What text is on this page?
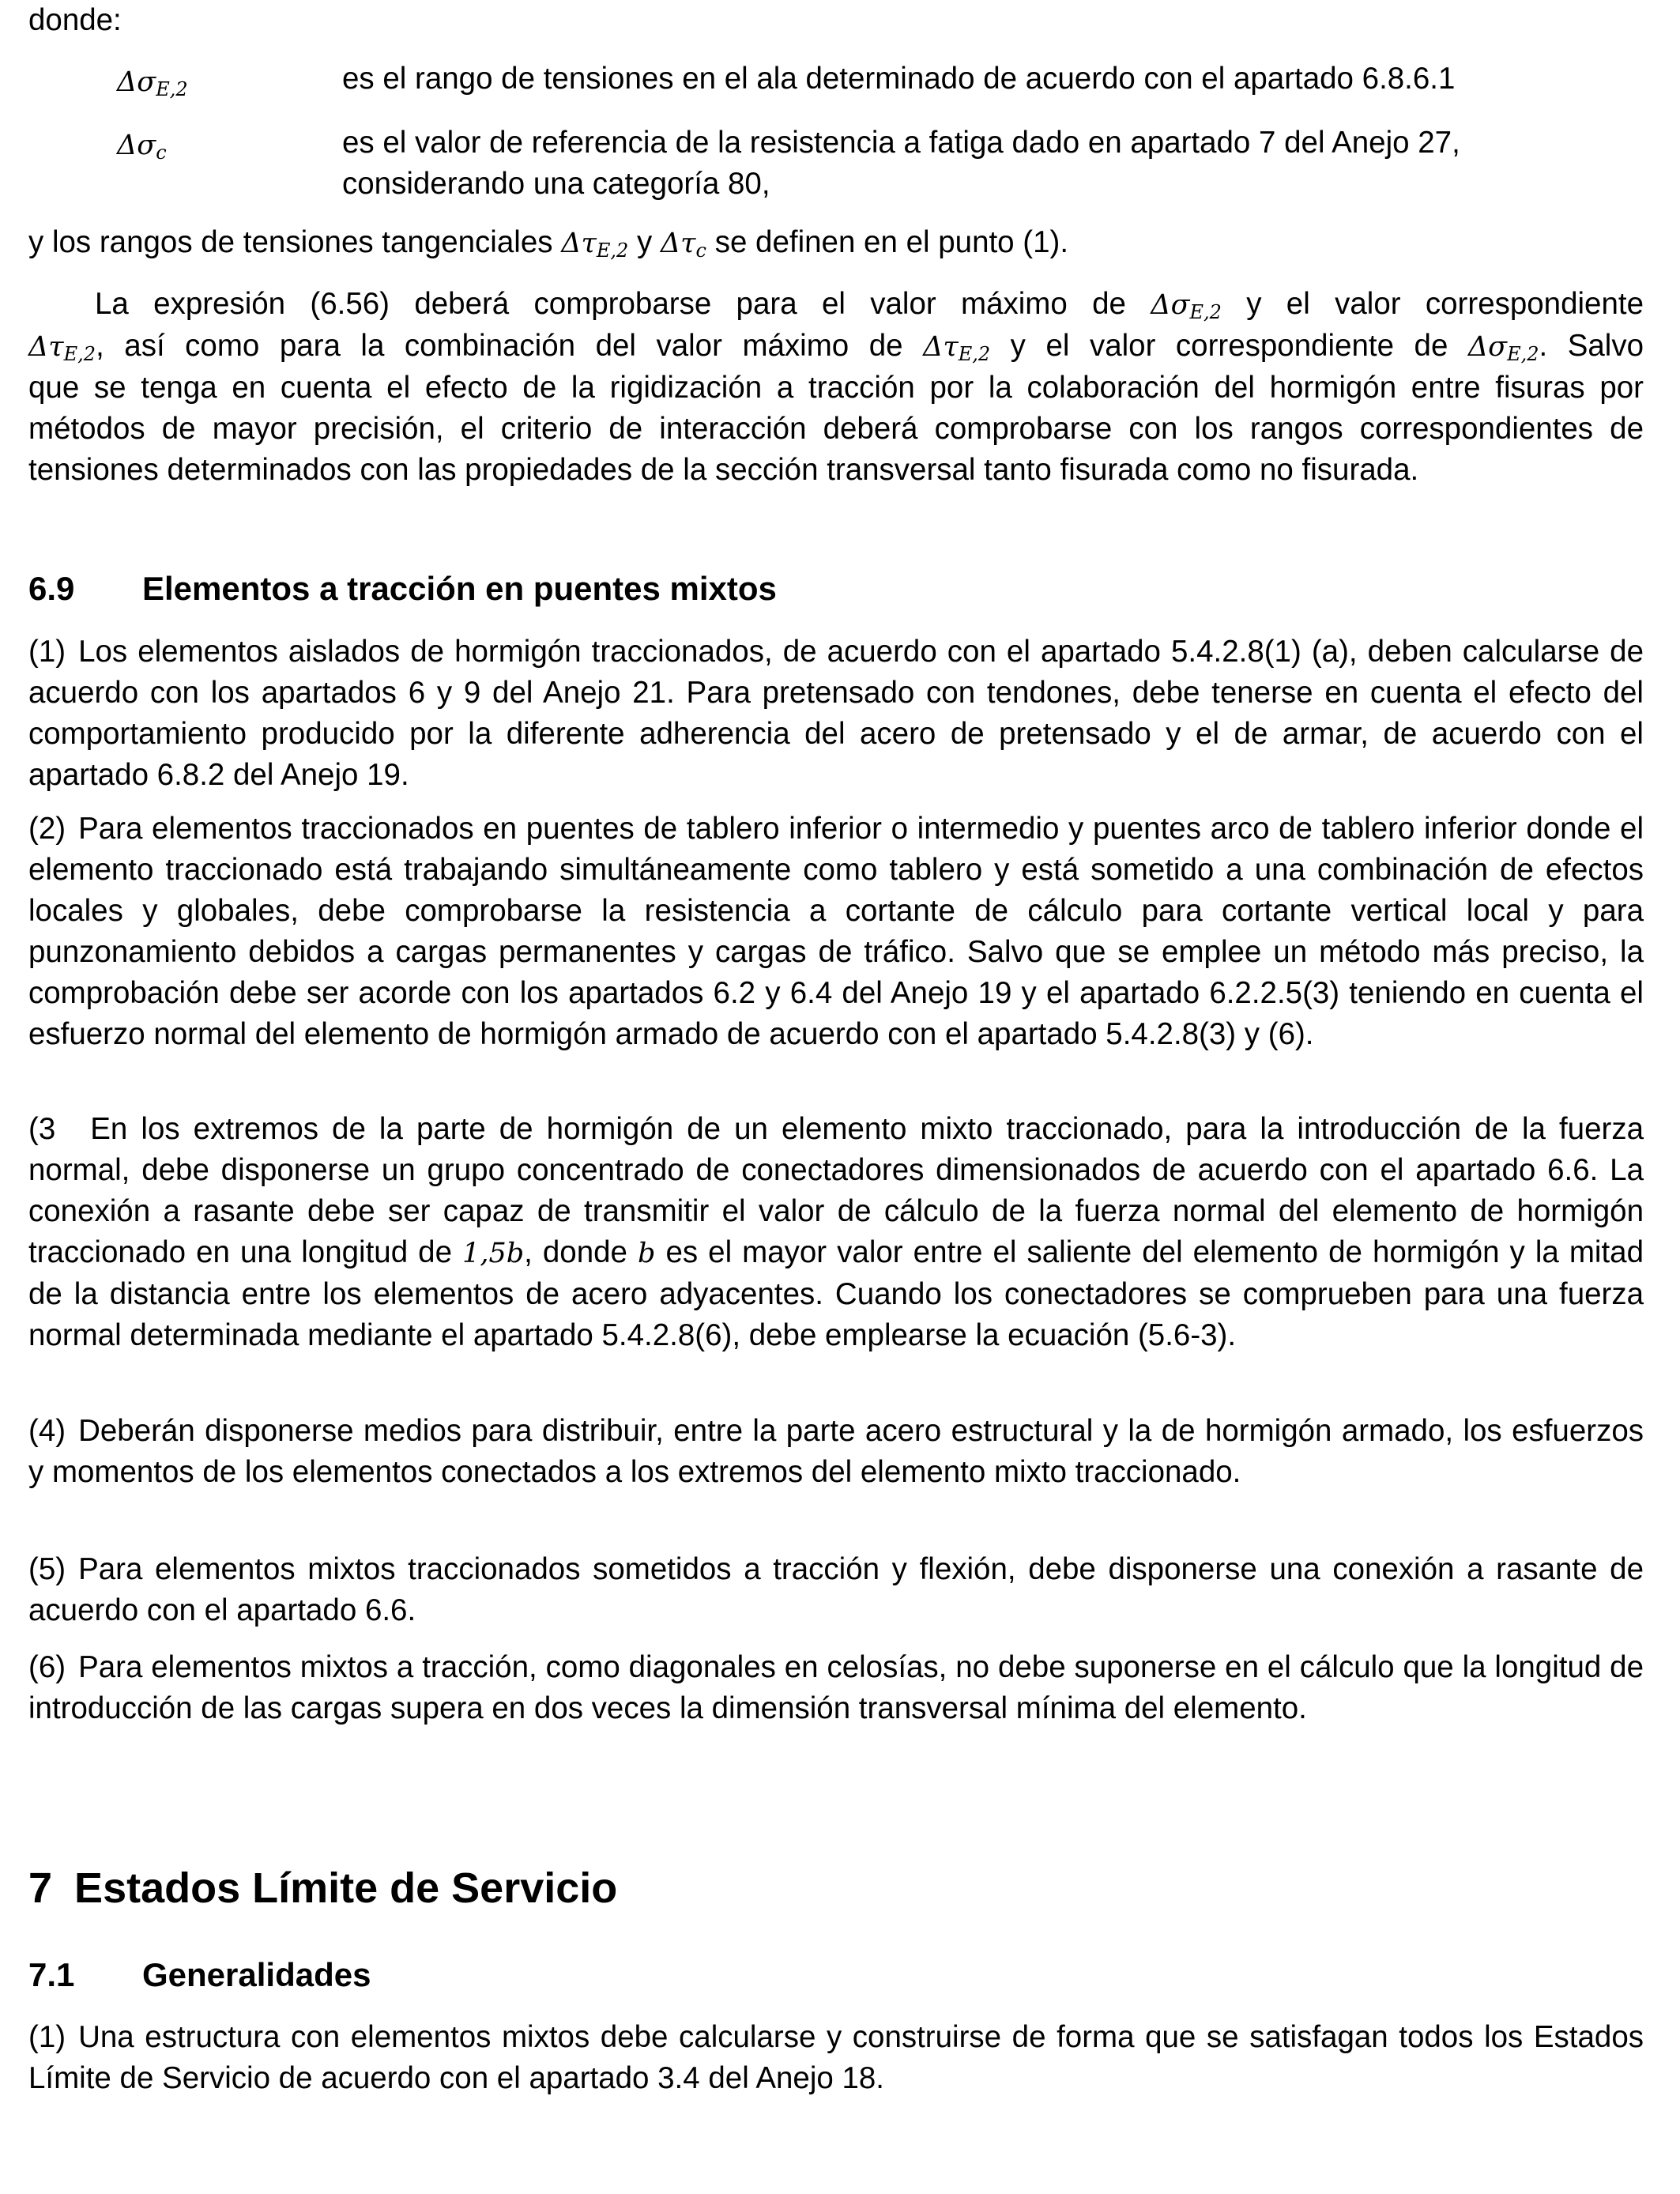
donde:
$\Delta\sigma_{E,2}$	es el rango de tensiones en el ala determinado de acuerdo con el apartado 6.8.6.1
$\Delta\sigma_c$	es el valor de referencia de la resistencia a fatiga dado en apartado 7 del Anejo 27,
considerando una categoría 80,
y los rangos de tensiones tangenciales $\Delta\tau_{E,2}$ y $\Delta\tau_c$ se definen en el punto (1).
La expresión (6.56) deberá comprobarse para el valor máximo de $\Delta\sigma_{E,2}$ y el valor correspondiente
$\Delta\tau_{E,2}$, así como para la combinación del valor máximo de $\Delta\tau_{E,2}$ y el valor correspondiente de $\Delta\sigma_{E,2}$. Salvo
que se tenga en cuenta el efecto de la rigidización a tracción por la colaboración del hormigón entre fisuras por métodos de mayor precisión, el criterio de interacción deberá comprobarse con los rangos correspondientes de tensiones determinados con las propiedades de la sección transversal tanto fisurada como no fisurada.
6.9 Elementos a tracción en puentes mixtos
(1) Los elementos aislados de hormigón traccionados, de acuerdo con el apartado 5.4.2.8(1) (a), deben calcularse de acuerdo con los apartados 6 y 9 del Anejo 21. Para pretensado con tendones, debe tenerse en cuenta el efecto del comportamiento producido por la diferente adherencia del acero de pretensado y el de armar, de acuerdo con el apartado 6.8.2 del Anejo 19.
(2) Para elementos traccionados en puentes de tablero inferior o intermedio y puentes arco de tablero inferior donde el elemento traccionado está trabajando simultáneamente como tablero y está sometido a una combinación de efectos locales y globales, debe comprobarse la resistencia a cortante de cálculo para cortante vertical local y para punzonamiento debidos a cargas permanentes y cargas de tráfico. Salvo que se emplee un método más preciso, la comprobación debe ser acorde con los apartados 6.2 y 6.4 del Anejo 19 y el apartado 6.2.2.5(3) teniendo en cuenta el esfuerzo normal del elemento de hormigón armado de acuerdo con el apartado 5.4.2.8(3) y (6).
(3 En los extremos de la parte de hormigón de un elemento mixto traccionado, para la introducción de la fuerza normal, debe disponerse un grupo concentrado de conectadores dimensionados de acuerdo con el apartado 6.6. La conexión a rasante debe ser capaz de transmitir el valor de cálculo de la fuerza normal del elemento de hormigón traccionado en una longitud de 1,5b, donde b es el mayor valor entre el saliente del elemento de hormigón y la mitad de la distancia entre los elementos de acero adyacentes. Cuando los conectadores se comprueben para una fuerza normal determinada mediante el apartado 5.4.2.8(6), debe emplearse la ecuación (5.6-3).
(4) Deberán disponerse medios para distribuir, entre la parte acero estructural y la de hormigón armado, los esfuerzos y momentos de los elementos conectados a los extremos del elemento mixto traccionado.
(5) Para elementos mixtos traccionados sometidos a tracción y flexión, debe disponerse una conexión a rasante de acuerdo con el apartado 6.6.
(6) Para elementos mixtos a tracción, como diagonales en celosías, no debe suponerse en el cálculo que la longitud de introducción de las cargas supera en dos veces la dimensión transversal mínima del elemento.
7 Estados Límite de Servicio
7.1 Generalidades
(1) Una estructura con elementos mixtos debe calcularse y construirse de forma que se satisfagan todos los Estados Límite de Servicio de acuerdo con el apartado 3.4 del Anejo 18.
